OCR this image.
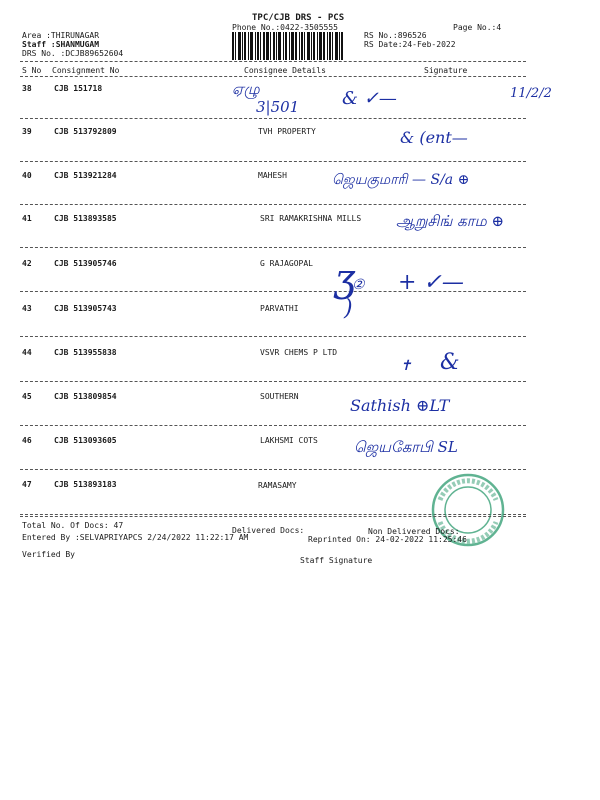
TPC/CJB DRS - PCS
Phone No.:0422-3505555	Page No.:4
Area :THIRUNAGAR
Staff :SHANMUGAM
DRS No. :DCJB89652604
RS No.:896526
RS Date:24-Feb-2022
S No Consignment No	Consignee Details	Signature
38	CJB 151718
39	CJB 513792809	TVH PROPERTY
40	CJB 513921284	MAHESH
41	CJB 513893585	SRI RAMAKRISHNA MILLS
42	CJB 513905746	G RAJAGOPAL
43	CJB 513905743	PARVATHI
44	CJB 513955838	VSVR CHEMS P LTD
45	CJB 513809854	SOUTHERN
46	CJB 513093605	LAKHSMI COTS
47	CJB 513893183	RAMASAMY
ஏழு
3|501 & ✓—	11/2/2
& (ent—
ஜெயகுமாரி — S/a ⊕
ஆறுசிங் காம ⊕
ʒ
② + ✓—
)
✝ &
Sathish ⊕LT
ஜெயகோபி SL
Total No. Of Docs: 47
Delivered Docs:	Non Delivered Docs:
Entered By :SELVAPRIYAPCS 2/24/2022 11:22:17 AM	Reprinted On: 24-02-2022 11:25:46
Verified By
Staff Signature
